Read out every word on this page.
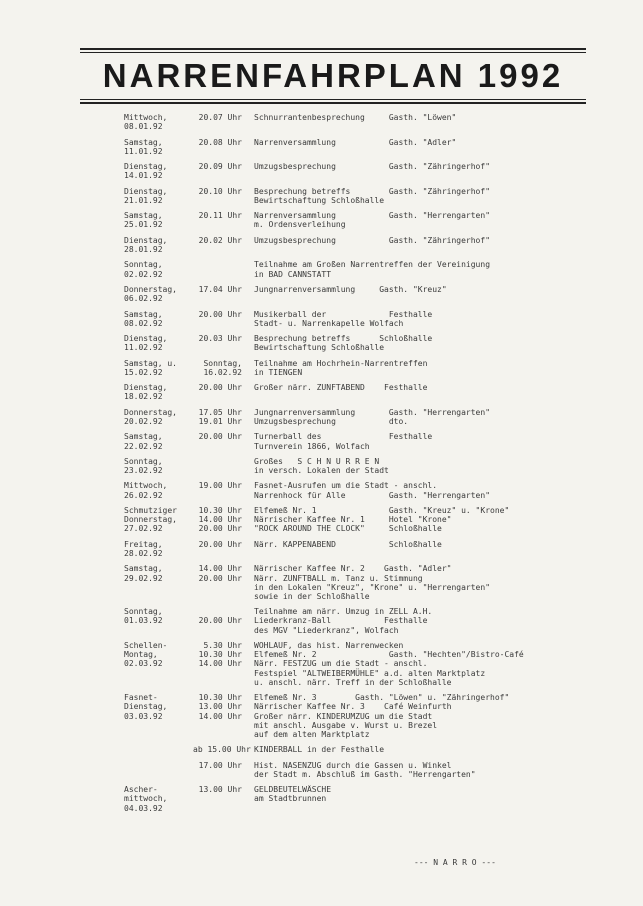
NARRENFAHRPLAN 1992
Mittwoch,
08.01.92
20.07 Uhr Schnurrantenbesprechung     Gasth. "Löwen"
Samstag,
11.01.92
20.08 Uhr Narrenversammlung           Gasth. "Adler"
Dienstag,
14.01.92
20.09 Uhr Umzugsbesprechung           Gasth. "Zähringerhof"
Dienstag,
21.01.92
20.10 Uhr Besprechung betreffs        Gasth. "Zähringerhof"
Bewirtschaftung Schloßhalle
Samstag,
25.01.92
20.11 Uhr Narrenversammlung           Gasth. "Herrengarten"
m. Ordensverleihung
Dienstag,
28.01.92
20.02 Uhr Umzugsbesprechung           Gasth. "Zähringerhof"
Sonntag,
02.02.92
Teilnahme am Großen Narrentreffen der Vereinigung
in BAD CANNSTATT
Donnerstag,
06.02.92
17.04 Uhr Jungnarrenversammlung     Gasth. "Kreuz"
Samstag,
08.02.92
20.00 Uhr Musikerball der             Festhalle
Stadt- u. Narrenkapelle Wolfach
Dienstag,
11.02.92
20.03 Uhr Besprechung betreffs      Schloßhalle
Bewirtschaftung Schloßhalle
Samstag, u.
15.02.92
Sonntag,
16.02.92
Teilnahme am Hochrhein-Narrentreffen
in TIENGEN
Dienstag,
18.02.92
20.00 Uhr Großer närr. ZUNFTABEND    Festhalle
Donnerstag,
20.02.92
17.05 Uhr
19.01 Uhr
Jungnarrenversammlung       Gasth. "Herrengarten"
Umzugsbesprechung           dto.
Samstag,
22.02.92
20.00 Uhr Turnerball des              Festhalle
Turnverein 1866, Wolfach
Sonntag,
23.02.92
Großes   S C H N U R R E N
in versch. Lokalen der Stadt
Mittwoch,
26.02.92
19.00 Uhr Fasnet-Ausrufen um die Stadt - anschl.
Narrenhock für Alle         Gasth. "Herrengarten"
Schmutziger
Donnerstag,
27.02.92
10.30 Uhr
14.00 Uhr
20.00 Uhr
Elfemeß Nr. 1               Gasth. "Kreuz" u. "Krone"
Närrischer Kaffee Nr. 1     Hotel "Krone"
"ROCK AROUND THE CLOCK"     Schloßhalle
Freitag,
28.02.92
20.00 Uhr Närr. KAPPENABEND           Schloßhalle
Samstag,
29.02.92
14.00 Uhr
20.00 Uhr
Närrischer Kaffee Nr. 2    Gasth. "Adler"
Närr. ZUNFTBALL m. Tanz u. Stimmung
in den Lokalen "Kreuz", "Krone" u. "Herrengarten"
sowie in der Schloßhalle
Sonntag,
01.03.92	20.00 Uhr
Teilnahme am närr. Umzug in ZELL A.H.
Liederkranz-Ball           Festhalle
des MGV "Liederkranz", Wolfach
Schellen-
Montag,
02.03.92
5.30 Uhr
10.30 Uhr
14.00 Uhr
WOHLAUF, das hist. Narrenwecken
Elfemeß Nr. 2               Gasth. "Hechten"/Bistro-Café
Närr. FESTZUG um die Stadt - anschl.
Festspiel "ALTWEIBERMÜHLE" a.d. alten Marktplatz
u. anschl. närr. Treff in der Schloßhalle
Fasnet-
Dienstag,
03.03.92
10.30 Uhr
13.00 Uhr
14.00 Uhr
Elfemeß Nr. 3        Gasth. "Löwen" u. "Zähringerhof"
Närrischer Kaffee Nr. 3    Café Weinfurth
Großer närr. KINDERUMZUG um die Stadt
mit anschl. Ausgabe v. Wurst u. Brezel
auf dem alten Marktplatz
ab 15.00 Uhr KINDERBALL in der Festhalle
17.00 Uhr Hist. NASENZUG durch die Gassen u. Winkel
der Stadt m. Abschluß im Gasth. "Herrengarten"
Ascher-
mittwoch,
04.03.92
13.00 Uhr GELDBEUTELWÄSCHE
am Stadtbrunnen
--- N A R R O ---
